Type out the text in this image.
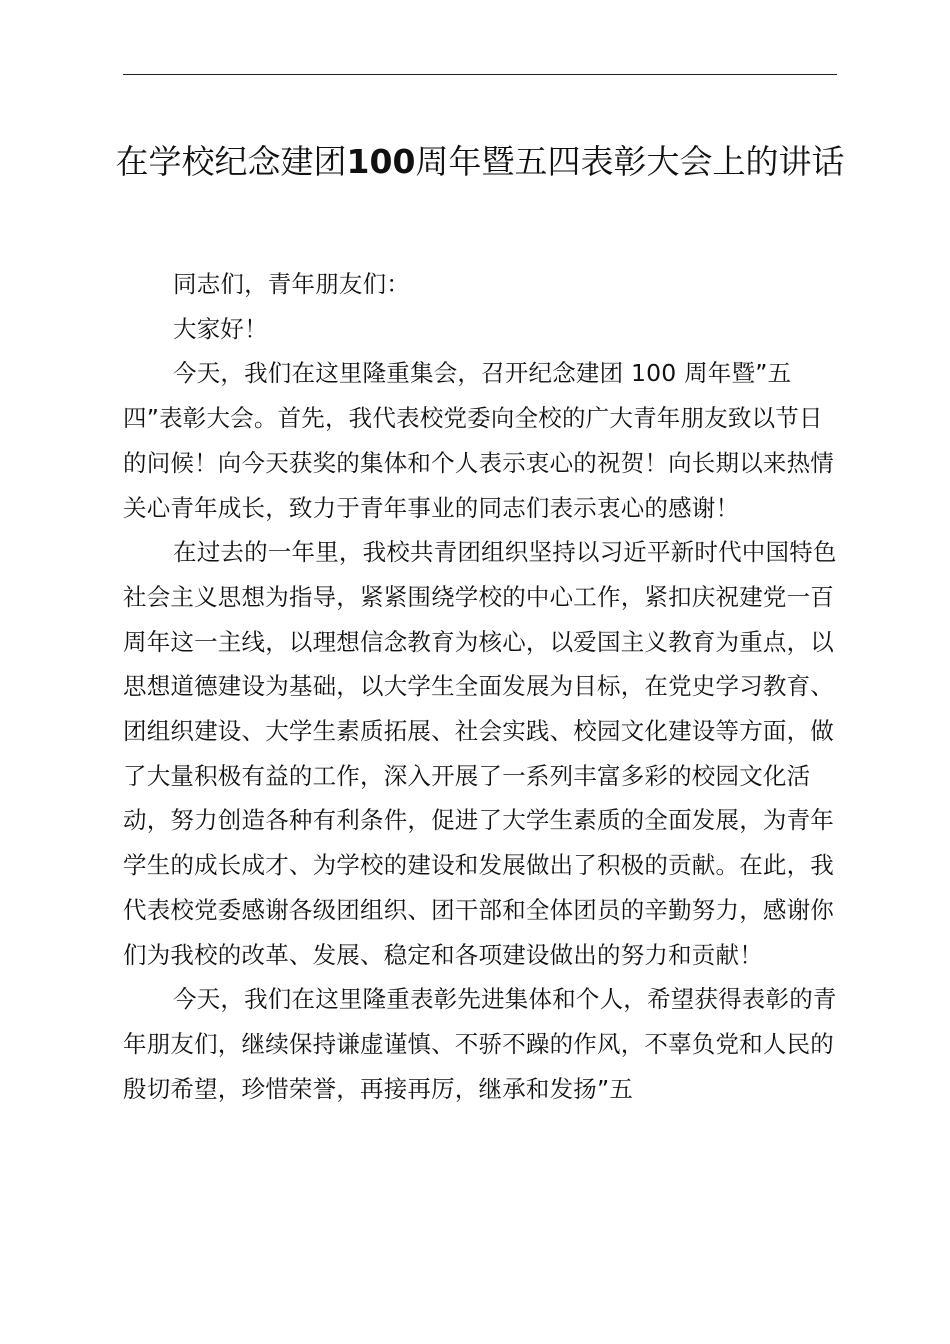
在学校纪念建团100周年暨五四表彰大会上的讲话

同志们，青年朋友们：

大家好！

今天，我们在这里隆重集会，召开纪念建团 100 周年暨”五四”表彰大会。首先，我代表校党委向全校的广大青年朋友致以节日的问候！向今天获奖的集体和个人表示衷心的祝贺！向长期以来热情关心青年成长，致力于青年事业的同志们表示衷心的感谢！

在过去的一年里，我校共青团组织坚持以习近平新时代中国特色社会主义思想为指导，紧紧围绕学校的中心工作，紧扣庆祝建党一百周年这一主线，以理想信念教育为核心，以爱国主义教育为重点，以思想道德建设为基础，以大学生全面发展为目标，在党史学习教育、团组织建设、大学生素质拓展、社会实践、校园文化建设等方面，做了大量积极有益的工作，深入开展了一系列丰富多彩的校园文化活动，努力创造各种有利条件，促进了大学生素质的全面发展，为青年学生的成长成才、为学校的建设和发展做出了积极的贡献。在此，我代表校党委感谢各级团组织、团干部和全体团员的辛勤努力，感谢你们为我校的改革、发展、稳定和各项建设做出的努力和贡献！

今天，我们在这里隆重表彰先进集体和个人，希望获得表彰的青年朋友们，继续保持谦虚谨慎、不骄不躁的作风，不辜负党和人民的殷切希望，珍惜荣誉，再接再厉，继承和发扬”五
